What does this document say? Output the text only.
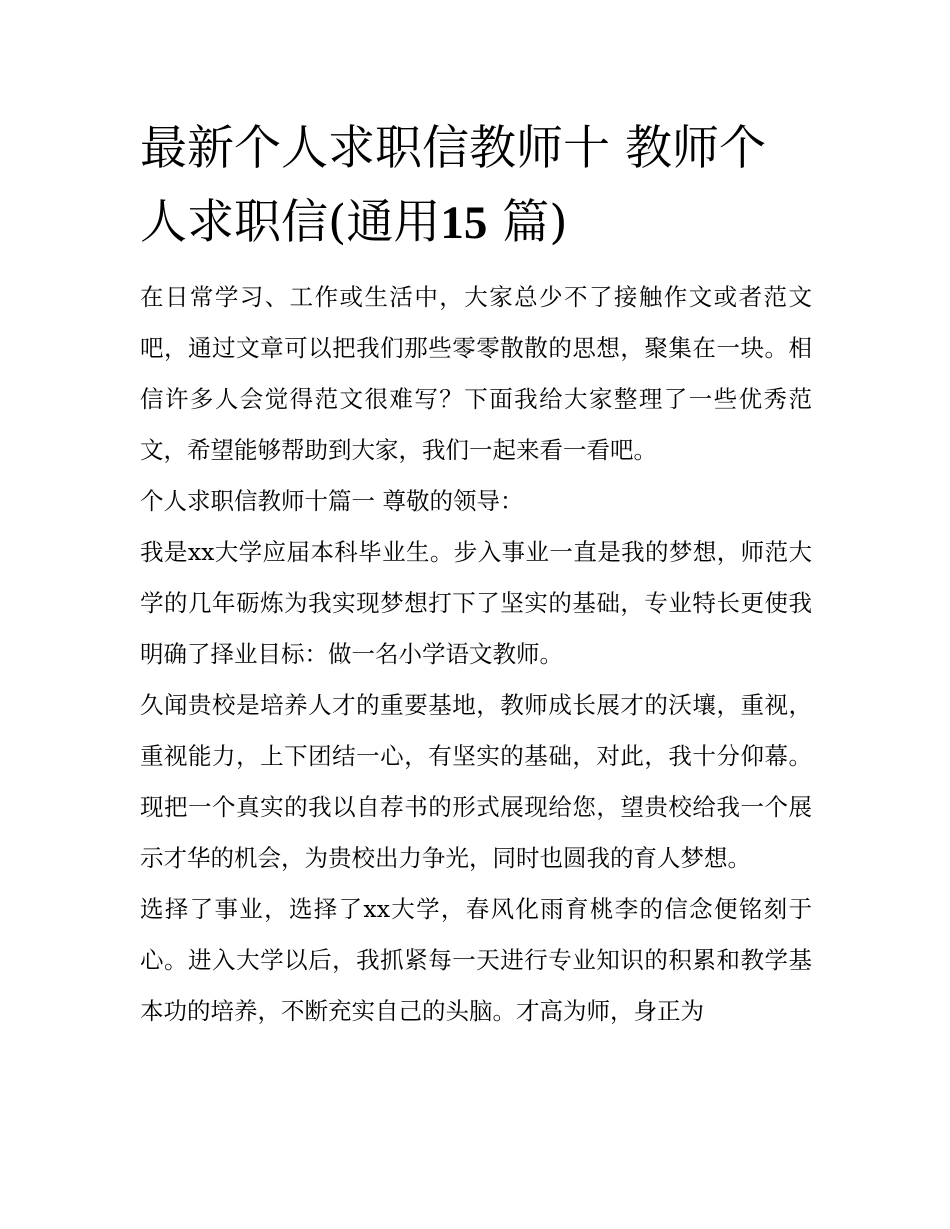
最新个人求职信教师十 教师个人求职信(通用15 篇)

在日常学习、工作或生活中，大家总少不了接触作文或者范文吧，通过文章可以把我们那些零零散散的思想，聚集在一块。相信许多人会觉得范文很难写？下面我给大家整理了一些优秀范文，希望能够帮助到大家，我们一起来看一看吧。

个人求职信教师十篇一 尊敬的领导：

我是xx大学应届本科毕业生。步入事业一直是我的梦想，师范大学的几年砺炼为我实现梦想打下了坚实的基础，专业特长更使我明确了择业目标：做一名小学语文教师。

久闻贵校是培养人才的重要基地，教师成长展才的沃壤，重视，重视能力，上下团结一心，有坚实的基础，对此，我十分仰幕。现把一个真实的我以自荐书的形式展现给您，望贵校给我一个展示才华的机会，为贵校出力争光，同时也圆我的育人梦想。

选择了事业，选择了xx大学，春风化雨育桃李的信念便铭刻于心。进入大学以后，我抓紧每一天进行专业知识的积累和教学基本功的培养，不断充实自己的头脑。才高为师，身正为
